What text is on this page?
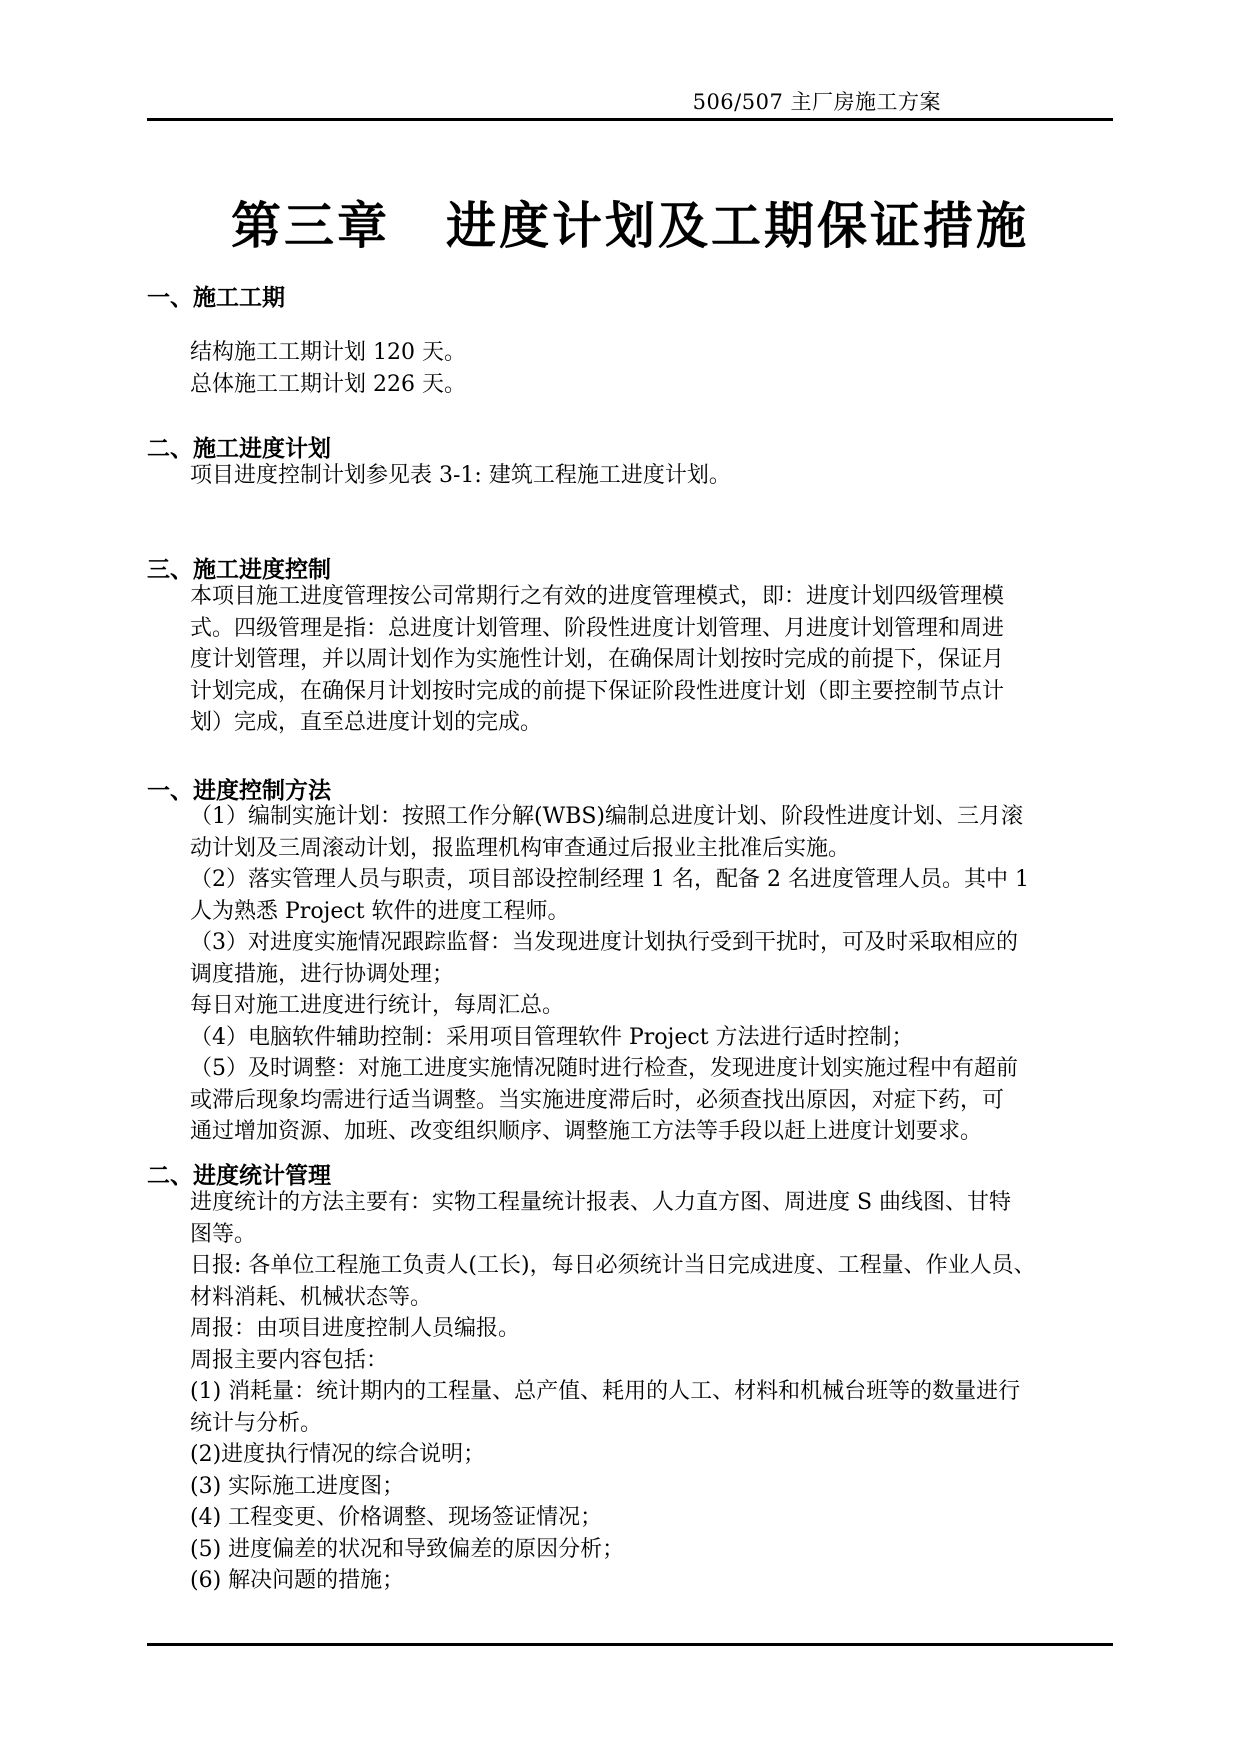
506/507 主厂房施工方案
第三章 进度计划及工期保证措施
一、施工工期
结构施工工期计划 120 天。
总体施工工期计划 226 天。
二、施工进度计划
项目进度控制计划参见表 3-1: 建筑工程施工进度计划。
三、施工进度控制
本项目施工进度管理按公司常期行之有效的进度管理模式，即：进度计划四级管理模
式。四级管理是指：总进度计划管理、阶段性进度计划管理、月进度计划管理和周进
度计划管理，并以周计划作为实施性计划，在确保周计划按时完成的前提下，保证月
计划完成，在确保月计划按时完成的前提下保证阶段性进度计划（即主要控制节点计
划）完成，直至总进度计划的完成。
一、进度控制方法
（1）编制实施计划：按照工作分解(WBS)编制总进度计划、阶段性进度计划、三月滚
动计划及三周滚动计划，报监理机构审查通过后报业主批准后实施。
（2）落实管理人员与职责，项目部设控制经理 1 名，配备 2 名进度管理人员。其中 1
人为熟悉 Project 软件的进度工程师。
（3）对进度实施情况跟踪监督：当发现进度计划执行受到干扰时，可及时采取相应的
调度措施，进行协调处理；
每日对施工进度进行统计，每周汇总。
（4）电脑软件辅助控制：采用项目管理软件 Project 方法进行适时控制；
（5）及时调整：对施工进度实施情况随时进行检查，发现进度计划实施过程中有超前
或滞后现象均需进行适当调整。当实施进度滞后时，必须查找出原因，对症下药，可
通过增加资源、加班、改变组织顺序、调整施工方法等手段以赶上进度计划要求。
二、进度统计管理
进度统计的方法主要有：实物工程量统计报表、人力直方图、周进度 S 曲线图、甘特
图等。
日报: 各单位工程施工负责人(工长)，每日必须统计当日完成进度、工程量、作业人员、
材料消耗、机械状态等。
周报：由项目进度控制人员编报。
周报主要内容包括：
(1) 消耗量：统计期内的工程量、总产值、耗用的人工、材料和机械台班等的数量进行
统计与分析。
(2)进度执行情况的综合说明；
(3) 实际施工进度图；
(4) 工程变更、价格调整、现场签证情况；
(5) 进度偏差的状况和导致偏差的原因分析；
(6) 解决问题的措施；
